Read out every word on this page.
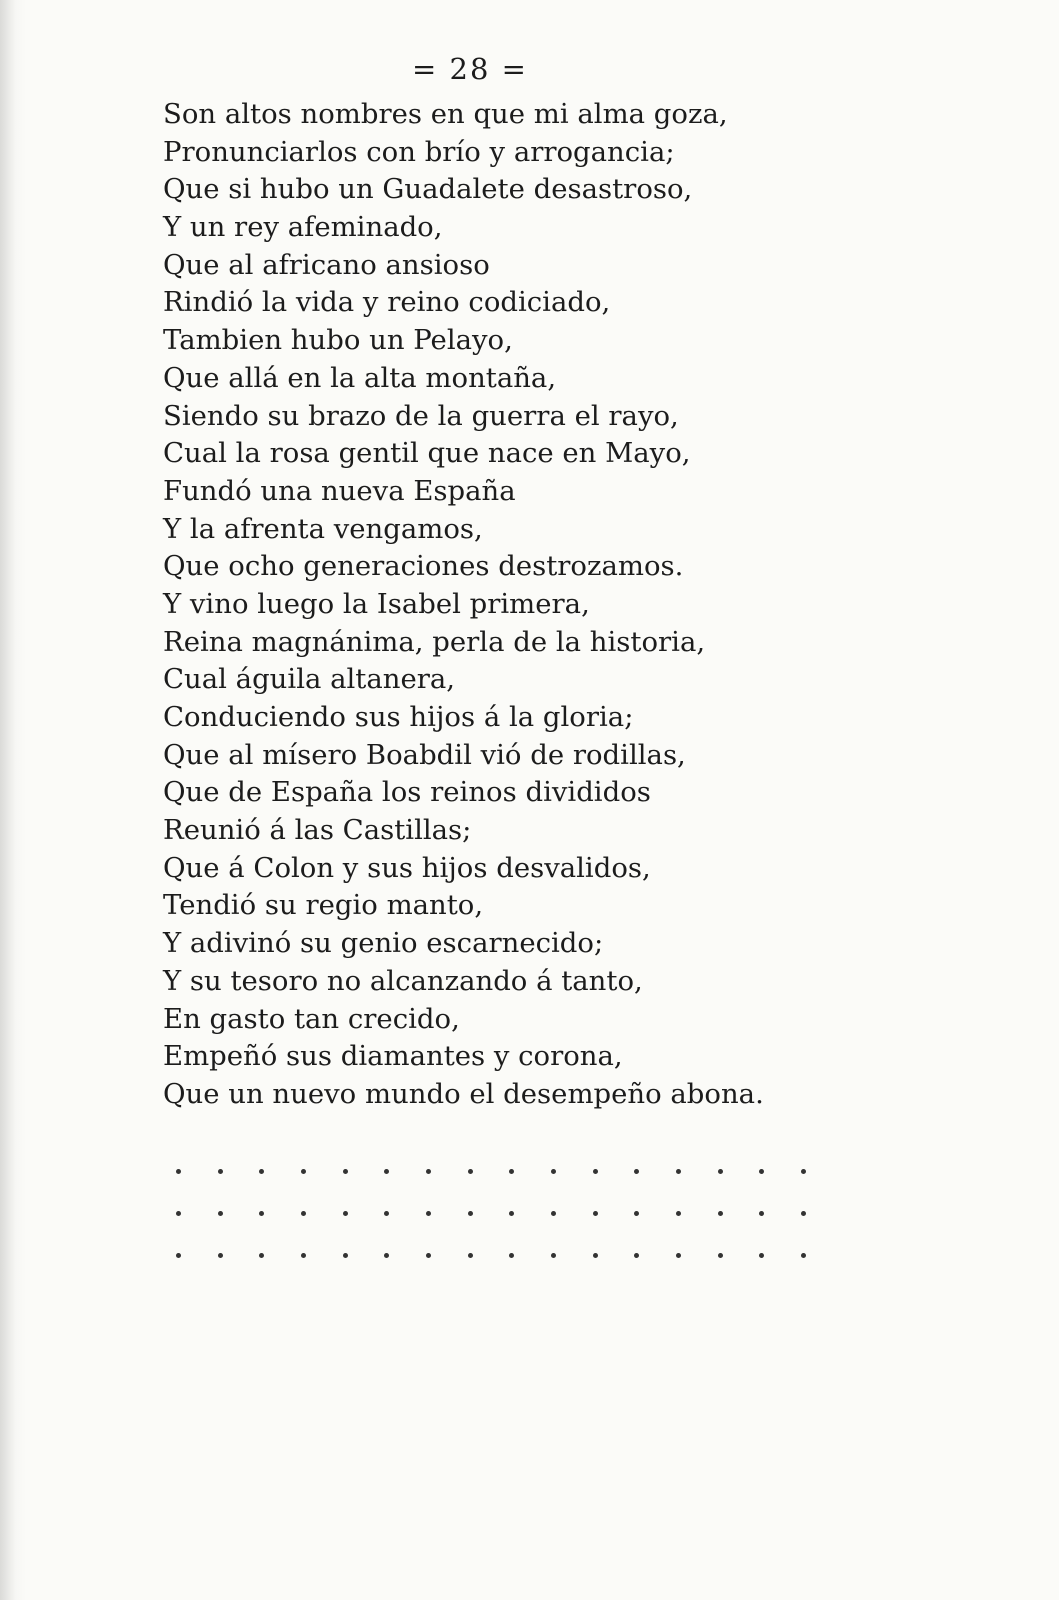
= 28 =
Son altos nombres en que mi alma goza,
Pronunciarlos con brío y arrogancia;
Que si hubo un Guadalete desastroso,
Y un rey afeminado,
Que al africano ansioso
Rindió la vida y reino codiciado,
Tambien hubo un Pelayo,
Que allá en la alta montaña,
Siendo su brazo de la guerra el rayo,
Cual la rosa gentil que nace en Mayo,
Fundó una nueva España
Y la afrenta vengamos,
Que ocho generaciones destrozamos.
Y vino luego la Isabel primera,
Reina magnánima, perla de la historia,
Cual águila altanera,
Conduciendo sus hijos á la gloria;
Que al mísero Boabdil vió de rodillas,
Que de España los reinos divididos
Reunió á las Castillas;
Que á Colon y sus hijos desvalidos,
Tendió su regio manto,
Y adivinó su genio escarnecido;
Y su tesoro no alcanzando á tanto,
En gasto tan crecido,
Empeñó sus diamantes y corona,
Que un nuevo mundo el desempeño abona.
